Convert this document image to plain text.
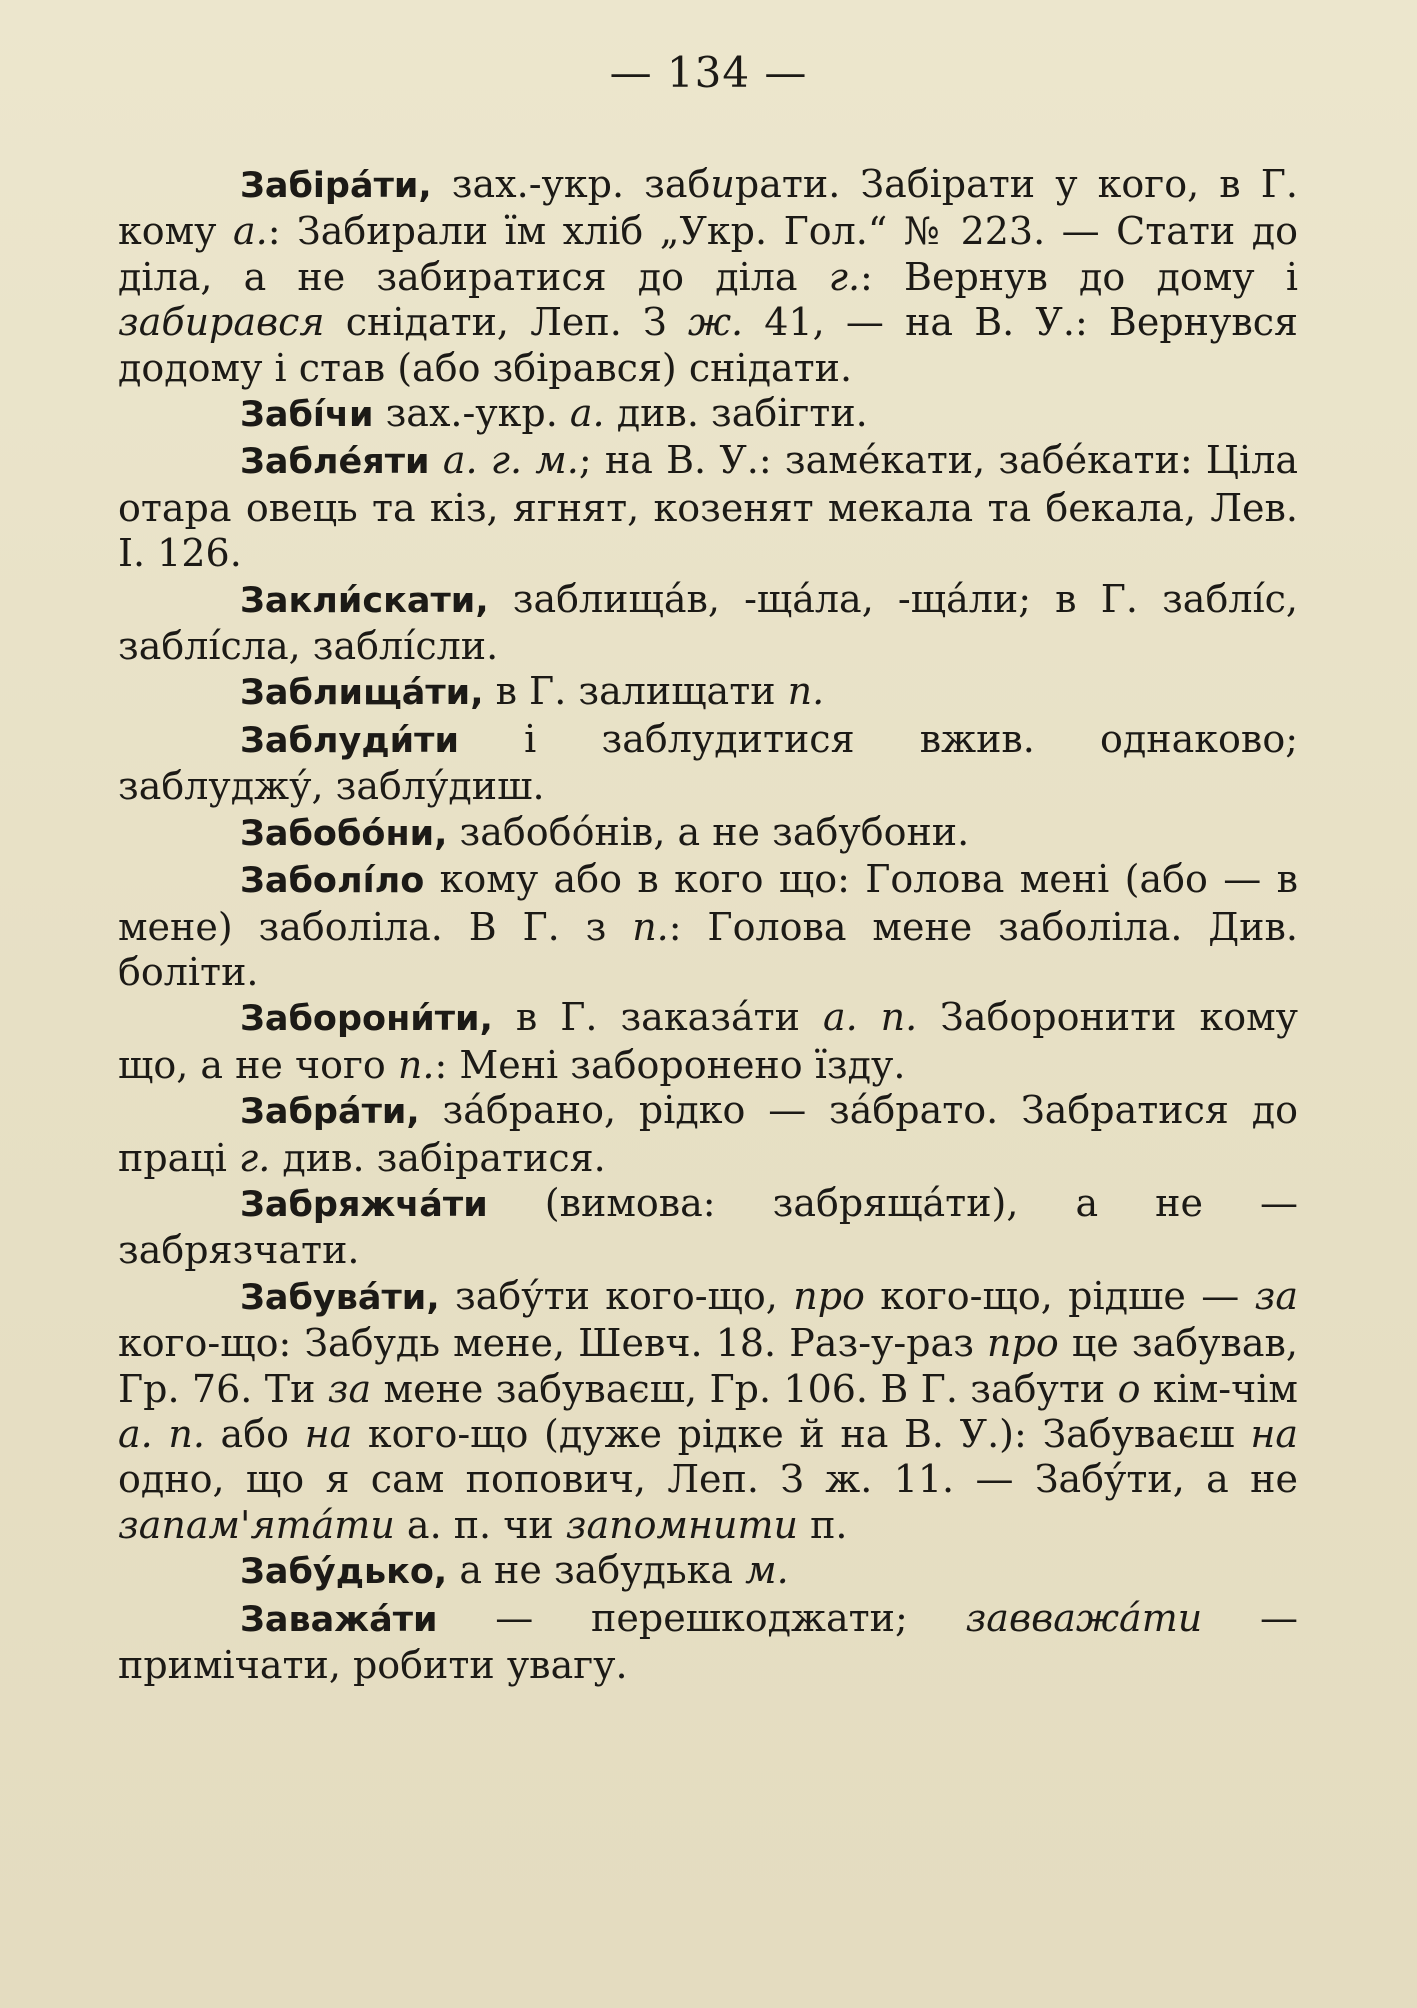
— 134 —

Забіра́ти, зах.-укр. забирати. Забірати у кого, в Г. кому а.: Забирали їм хліб „Укр. Гол.“ № 223. — Стати до діла, а не забиратися до діла г.: Вернув до дому і забирався снідати, Леп. З ж. 41, — на В. У.: Вернувся додому і став (або збірався) снідати.

Забі́чи зах.-укр. а. див. забігти.

Забле́яти а. г. м.; на В. У.: заме́кати, забе́кати: Ціла отара овець та кіз, ягнят, козенят мекала та бекала, Лев. І. 126.

Закли́скати, заблища́в, -ща́ла, -ща́ли; в Г. заблі́с, заблі́сла, заблі́сли.

Заблища́ти, в Г. залищати п.

Заблуди́ти і заблудитися вжив. однаково; заблуджу́, заблу́диш.

Забобо́ни, забобо́нів, а не забубони.

Заболі́ло кому або в кого що: Голова мені (або — в мене) заболіла. В Г. з п.: Голова мене заболіла. Див. боліти.

Заборони́ти, в Г. заказа́ти а. п. Заборонити кому що, а не чого п.: Мені заборонено їзду.

Забра́ти, за́брано, рідко — за́брато. Забратися до праці г. див. забіратися.

Забряжча́ти (вимова: забряща́ти), а не — забрязчати.

Забува́ти, забу́ти кого-що, про кого-що, рідше — за кого-що: Забудь мене, Шевч. 18. Раз-у-раз про це забував, Гр. 76. Ти за мене забуваєш, Гр. 106. В Г. забути о кім-чім а. п. або на кого-що (дуже рідке й на В. У.): Забуваєш на одно, що я сам попович, Леп. З ж. 11. — Забу́ти, а не запам'ята́ти а. п. чи запомнити п.

Забу́дько, а не забудька м.

Заважа́ти — перешкоджати; завважа́ти — примічати, робити увагу.
